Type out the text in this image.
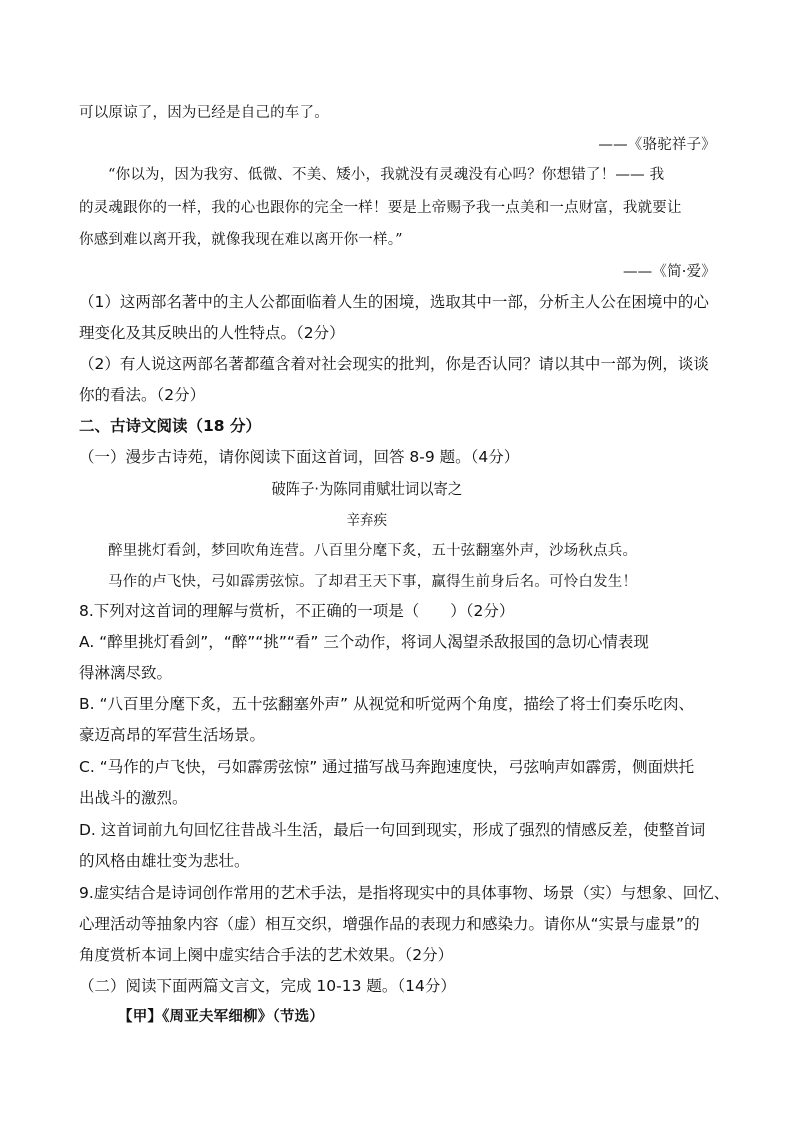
可以原谅了，因为已经是自己的车了。
——《骆驼祥子》
“你以为，因为我穷、低微、不美、矮小，我就没有灵魂没有心吗？你想错了！—— 我
的灵魂跟你的一样，我的心也跟你的完全一样！要是上帝赐予我一点美和一点财富，我就要让
你感到难以离开我，就像我现在难以离开你一样。”
——《简·爱》
（1）这两部名著中的主人公都面临着人生的困境，选取其中一部，分析主人公在困境中的心
理变化及其反映出的人性特点。（2分）
（2）有人说这两部名著都蕴含着对社会现实的批判，你是否认同？请以其中一部为例，谈谈
你的看法。（2分）
二、古诗文阅读（18 分）
（一）漫步古诗苑，请你阅读下面这首词，回答 8-9 题。（4分）
破阵子·为陈同甫赋壮词以寄之
辛弃疾
醉里挑灯看剑，梦回吹角连营。八百里分麾下炙，五十弦翻塞外声，沙场秋点兵。
马作的卢飞快，弓如霹雳弦惊。了却君王天下事，赢得生前身后名。可怜白发生！
8.下列对这首词的理解与赏析，不正确的一项是（　　）（2分）
A. “醉里挑灯看剑”，“醉”“挑”“看” 三个动作，将词人渴望杀敌报国的急切心情表现
得淋漓尽致。
B. “八百里分麾下炙，五十弦翻塞外声” 从视觉和听觉两个角度，描绘了将士们奏乐吃肉、
豪迈高昂的军营生活场景。
C. “马作的卢飞快，弓如霹雳弦惊” 通过描写战马奔跑速度快，弓弦响声如霹雳，侧面烘托
出战斗的激烈。
D. 这首词前九句回忆往昔战斗生活，最后一句回到现实，形成了强烈的情感反差，使整首词
的风格由雄壮变为悲壮。
9.虚实结合是诗词创作常用的艺术手法，是指将现实中的具体事物、场景（实）与想象、回忆、
心理活动等抽象内容（虚）相互交织，增强作品的表现力和感染力。请你从“实景与虚景”的
角度赏析本词上阕中虚实结合手法的艺术效果。（2分）
（二）阅读下面两篇文言文，完成 10-13 题。（14分）
【甲】《周亚夫军细柳》（节选）
